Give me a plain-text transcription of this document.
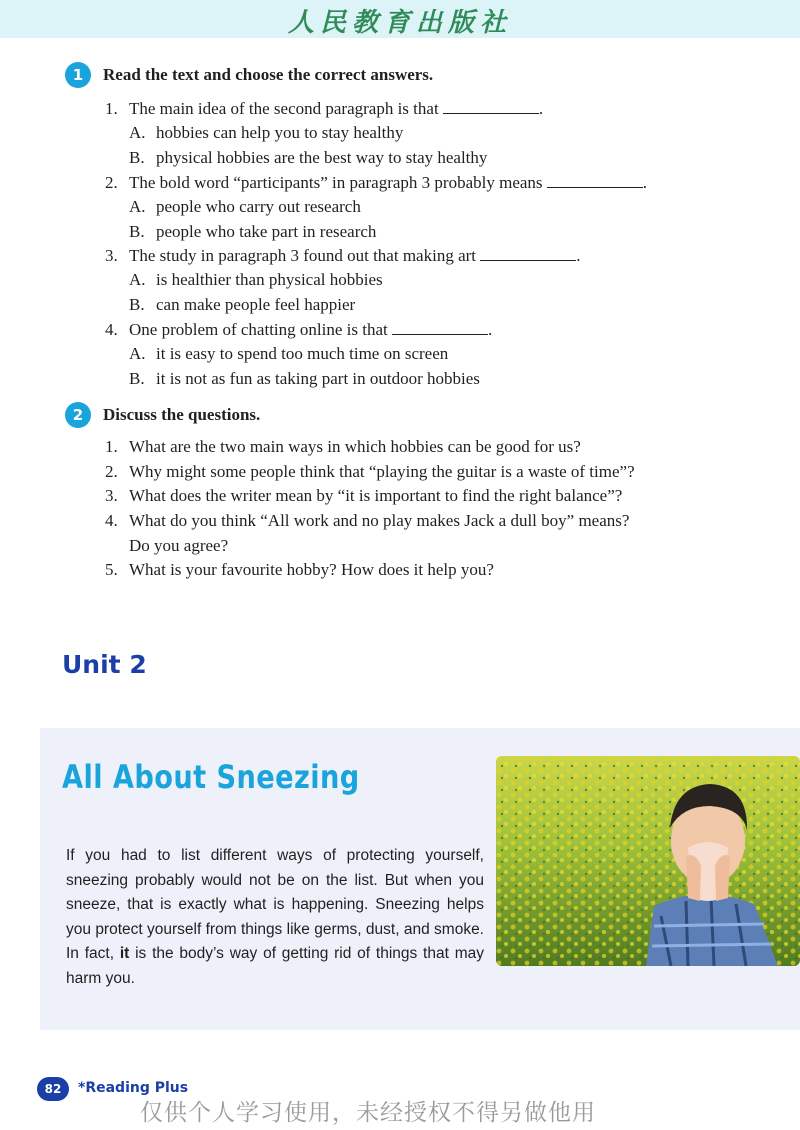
人民教育出版社
1	Read the text and choose the correct answers.
1. The main idea of the second paragraph is that	.
A. hobbies can help you to stay healthy
B. physical hobbies are the best way to stay healthy
2. The bold word “participants” in paragraph 3 probably means	.
A. people who carry out research
B. people who take part in research
3. The study in paragraph 3 found out that making art	.
A. is healthier than physical hobbies
B. can make people feel happier
4. One problem of chatting online is that	.
A. it is easy to spend too much time on screen
B. it is not as fun as taking part in outdoor hobbies
2	Discuss the questions.
1. What are the two main ways in which hobbies can be good for us?
2. Why might some people think that “playing the guitar is a waste of time”?
3. What does the writer mean by “it is important to find the right balance”?
4. What do you think “All work and no play makes Jack a dull boy” means?
Do you agree?
5. What is your favourite hobby? How does it help you?
Unit 2
All About Sneezing
If you had to list different ways of protecting yourself, sneezing probably would not be on the list. But when you sneeze, that is exactly what is happening. Sneezing helps you protect yourself from things like germs, dust, and smoke. In fact, it is the body’s way of getting rid of things that may harm you.
82	*Reading Plus
仅供个人学习使用，未经授权不得另做他用
